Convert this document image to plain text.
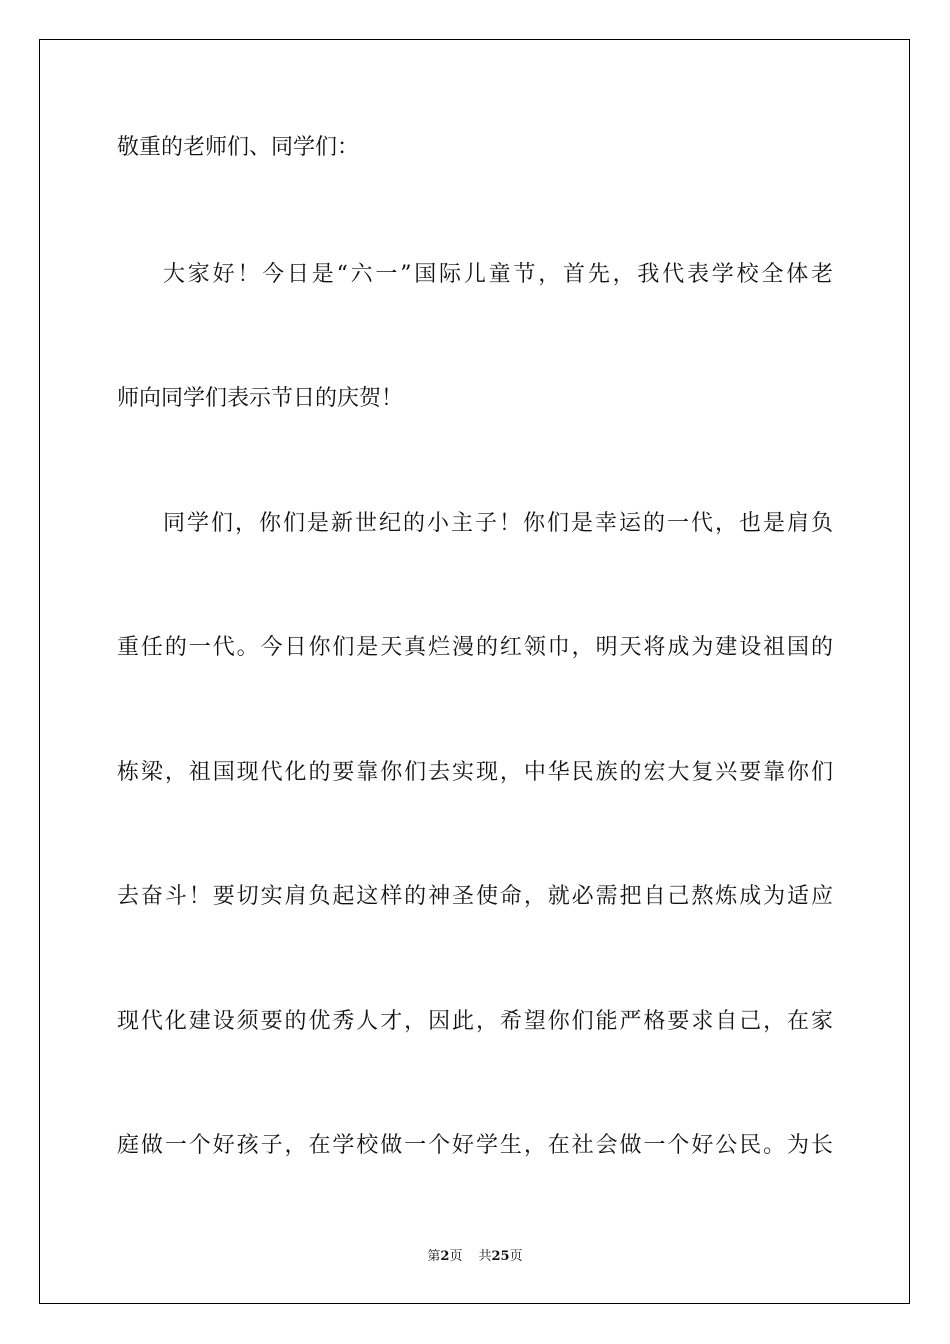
敬重的老师们、同学们：

大家好！今日是“六一”国际儿童节，首先，我代表学校全体老

师向同学们表示节日的庆贺！

同学们，你们是新世纪的小主子！你们是幸运的一代，也是肩负

重任的一代。今日你们是天真烂漫的红领巾，明天将成为建设祖国的

栋梁，祖国现代化的要靠你们去实现，中华民族的宏大复兴要靠你们

去奋斗！要切实肩负起这样的神圣使命，就必需把自己熬炼成为适应

现代化建设须要的优秀人才，因此，希望你们能严格要求自己，在家

庭做一个好孩子，在学校做一个好学生，在社会做一个好公民。为长

第2页 共25页
